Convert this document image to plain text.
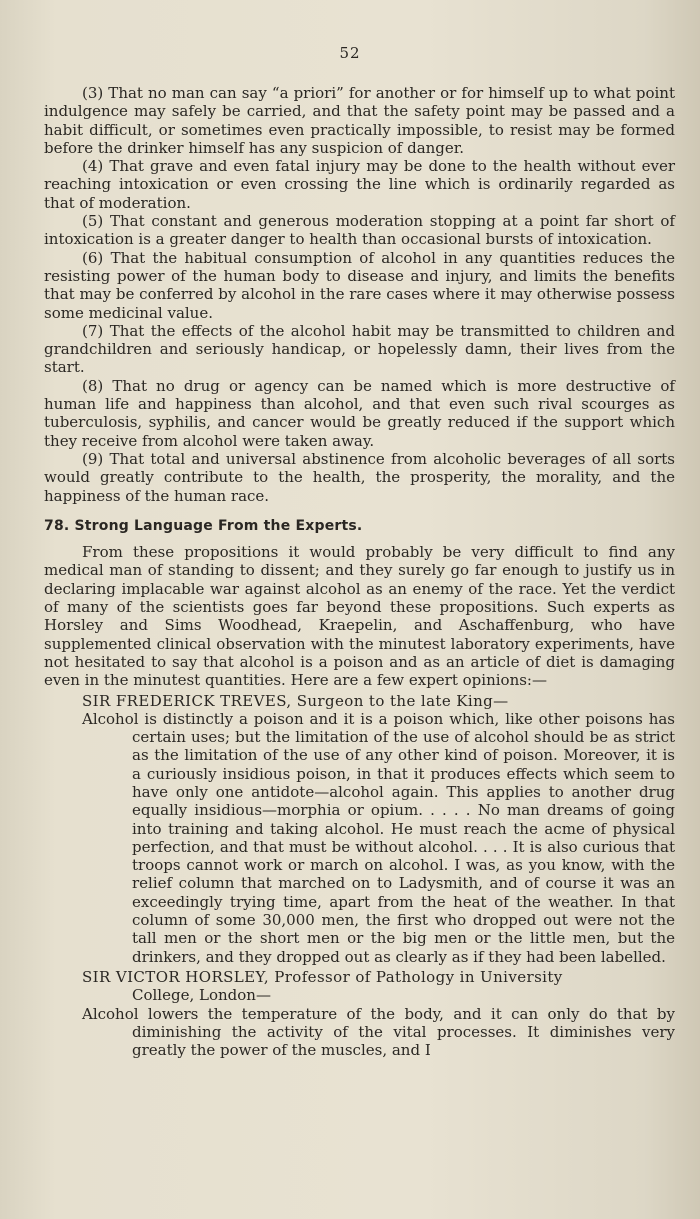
52

(3) That no man can say “a priori” for another or for himself up to what point indulgence may safely be carried, and that the safety point may be passed and a habit difficult, or sometimes even practically impossible, to resist may be formed before the drinker himself has any suspicion of danger.

(4) That grave and even fatal injury may be done to the health without ever reaching intoxication or even crossing the line which is ordinarily regarded as that of moderation.

(5) That constant and generous moderation stopping at a point far short of intoxication is a greater danger to health than occasional bursts of intoxication.

(6) That the habitual consumption of alcohol in any quantities reduces the resisting power of the human body to disease and injury, and limits the benefits that may be conferred by alcohol in the rare cases where it may otherwise possess some medicinal value.

(7) That the effects of the alcohol habit may be transmitted to children and grandchildren and seriously handicap, or hopelessly damn, their lives from the start.

(8) That no drug or agency can be named which is more destructive of human life and happiness than alcohol, and that even such rival scourges as tuberculosis, syphilis, and cancer would be greatly reduced if the support which they receive from alcohol were taken away.

(9) That total and universal abstinence from alcoholic beverages of all sorts would greatly contribute to the health, the prosperity, the morality, and the happiness of the human race.

78. Strong Language From the Experts.

From these propositions it would probably be very difficult to find any medical man of standing to dissent; and they surely go far enough to justify us in declaring implacable war against alcohol as an enemy of the race. Yet the verdict of many of the scientists goes far beyond these propositions. Such experts as Horsley and Sims Woodhead, Kraepelin, and Aschaffenburg, who have supplemented clinical observation with the minutest laboratory experiments, have not hesitated to say that alcohol is a poison and as an article of diet is damaging even in the minutest quantities. Here are a few expert opinions:—

SIR FREDERICK TREVES, Surgeon to the late King—

Alcohol is distinctly a poison and it is a poison which, like other poisons has certain uses; but the limitation of the use of alcohol should be as strict as the limitation of the use of any other kind of poison. Moreover, it is a curiously insidious poison, in that it produces effects which seem to have only one antidote—alcohol again. This applies to another drug equally insidious—morphia or opium. . . . . No man dreams of going into training and taking alcohol. He must reach the acme of physical perfection, and that must be without alcohol. . . . It is also curious that troops cannot work or march on alcohol. I was, as you know, with the relief column that marched on to Ladysmith, and of course it was an exceedingly trying time, apart from the heat of the weather. In that column of some 30,000 men, the first who dropped out were not the tall men or the short men or the big men or the little men, but the drinkers, and they dropped out as clearly as if they had been labelled.

SIR VICTOR HORSLEY, Professor of Pathology in University

College, London—

Alcohol lowers the temperature of the body, and it can only do that by diminishing the activity of the vital processes. It diminishes very greatly the power of the muscles, and I
